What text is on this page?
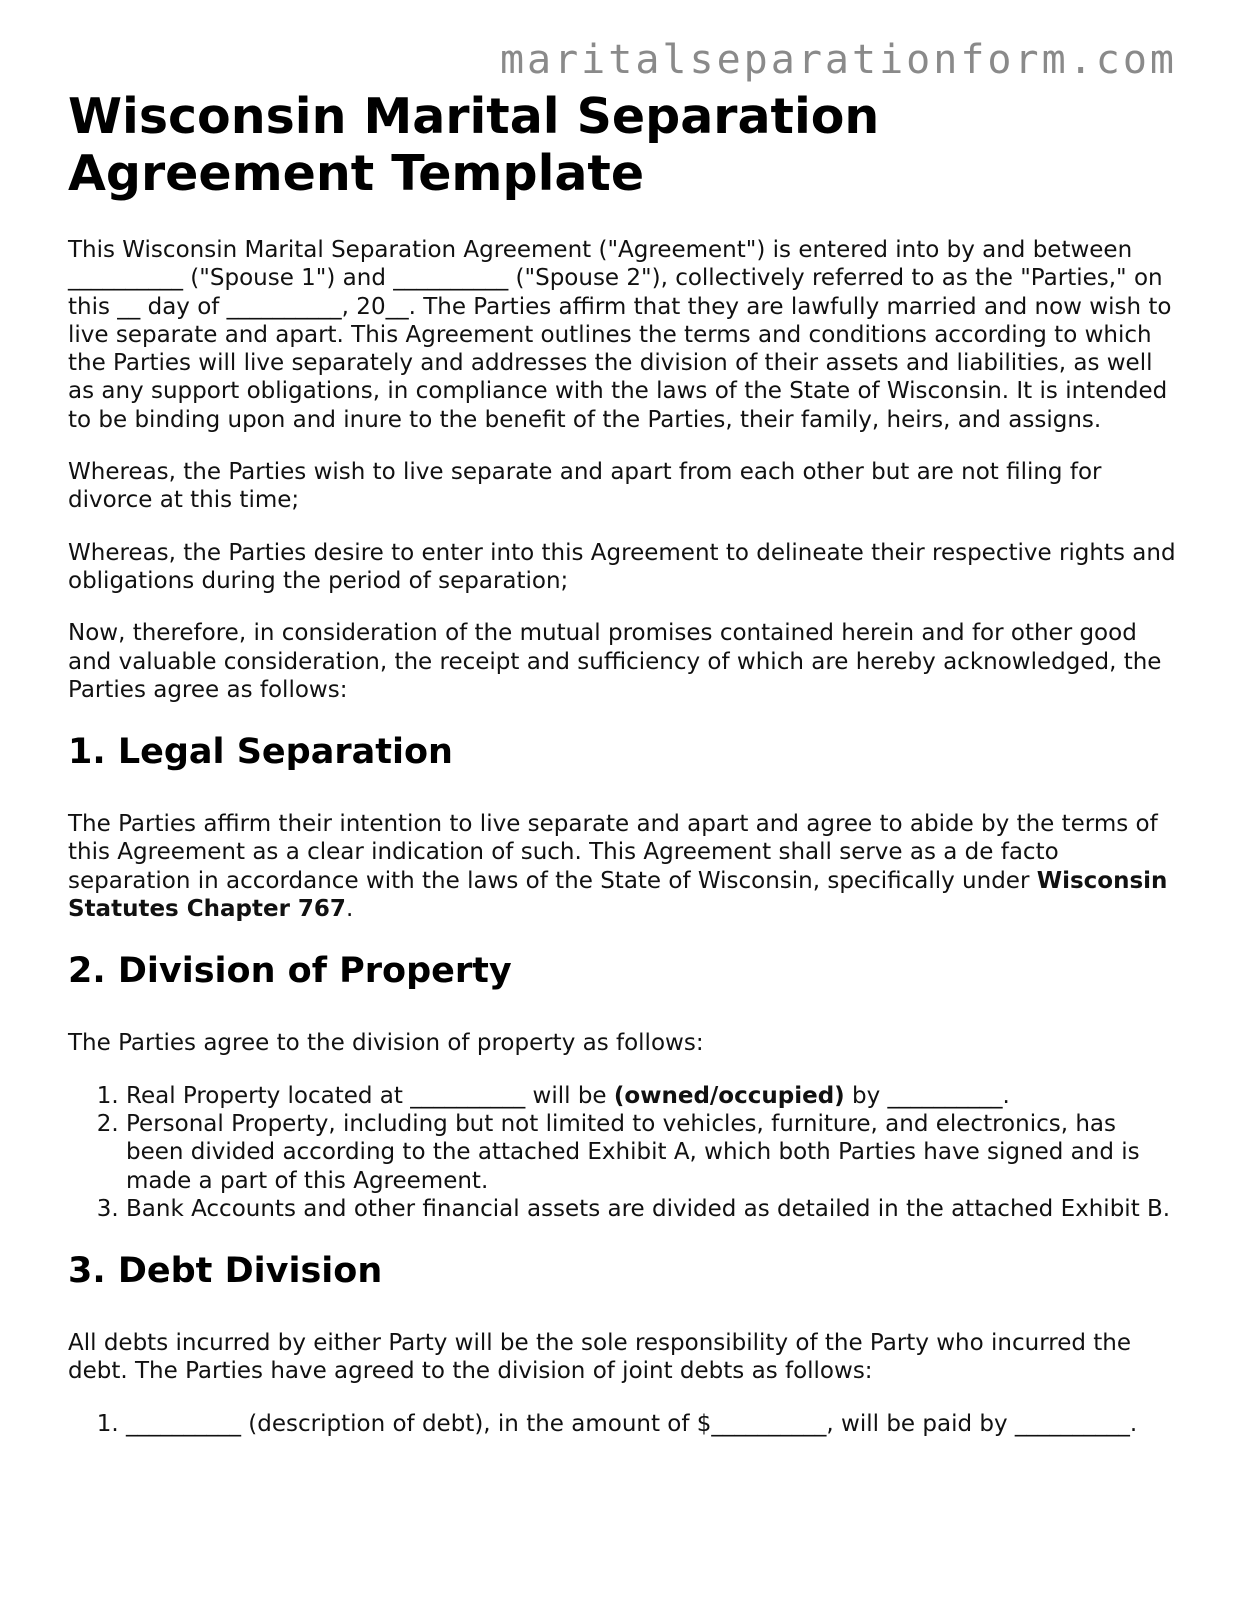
maritalseparationform.com
Wisconsin Marital Separation Agreement Template

This Wisconsin Marital Separation Agreement ("Agreement") is entered into by and between __________ ("Spouse 1") and __________ ("Spouse 2"), collectively referred to as the "Parties," on this __ day of __________, 20__. The Parties affirm that they are lawfully married and now wish to live separate and apart. This Agreement outlines the terms and conditions according to which the Parties will live separately and addresses the division of their assets and liabilities, as well as any support obligations, in compliance with the laws of the State of Wisconsin. It is intended to be binding upon and inure to the benefit of the Parties, their family, heirs, and assigns.

Whereas, the Parties wish to live separate and apart from each other but are not filing for divorce at this time;

Whereas, the Parties desire to enter into this Agreement to delineate their respective rights and obligations during the period of separation;

Now, therefore, in consideration of the mutual promises contained herein and for other good and valuable consideration, the receipt and sufficiency of which are hereby acknowledged, the Parties agree as follows:

1. Legal Separation

The Parties affirm their intention to live separate and apart and agree to abide by the terms of this Agreement as a clear indication of such. This Agreement shall serve as a de facto separation in accordance with the laws of the State of Wisconsin, specifically under Wisconsin Statutes Chapter 767.

2. Division of Property

The Parties agree to the division of property as follows:

1. Real Property located at __________ will be (owned/occupied) by __________.
2. Personal Property, including but not limited to vehicles, furniture, and electronics, has been divided according to the attached Exhibit A, which both Parties have signed and is made a part of this Agreement.
3. Bank Accounts and other financial assets are divided as detailed in the attached Exhibit B.
3. Debt Division

All debts incurred by either Party will be the sole responsibility of the Party who incurred the debt. The Parties have agreed to the division of joint debts as follows:

1. __________ (description of debt), in the amount of $__________, will be paid by __________.
